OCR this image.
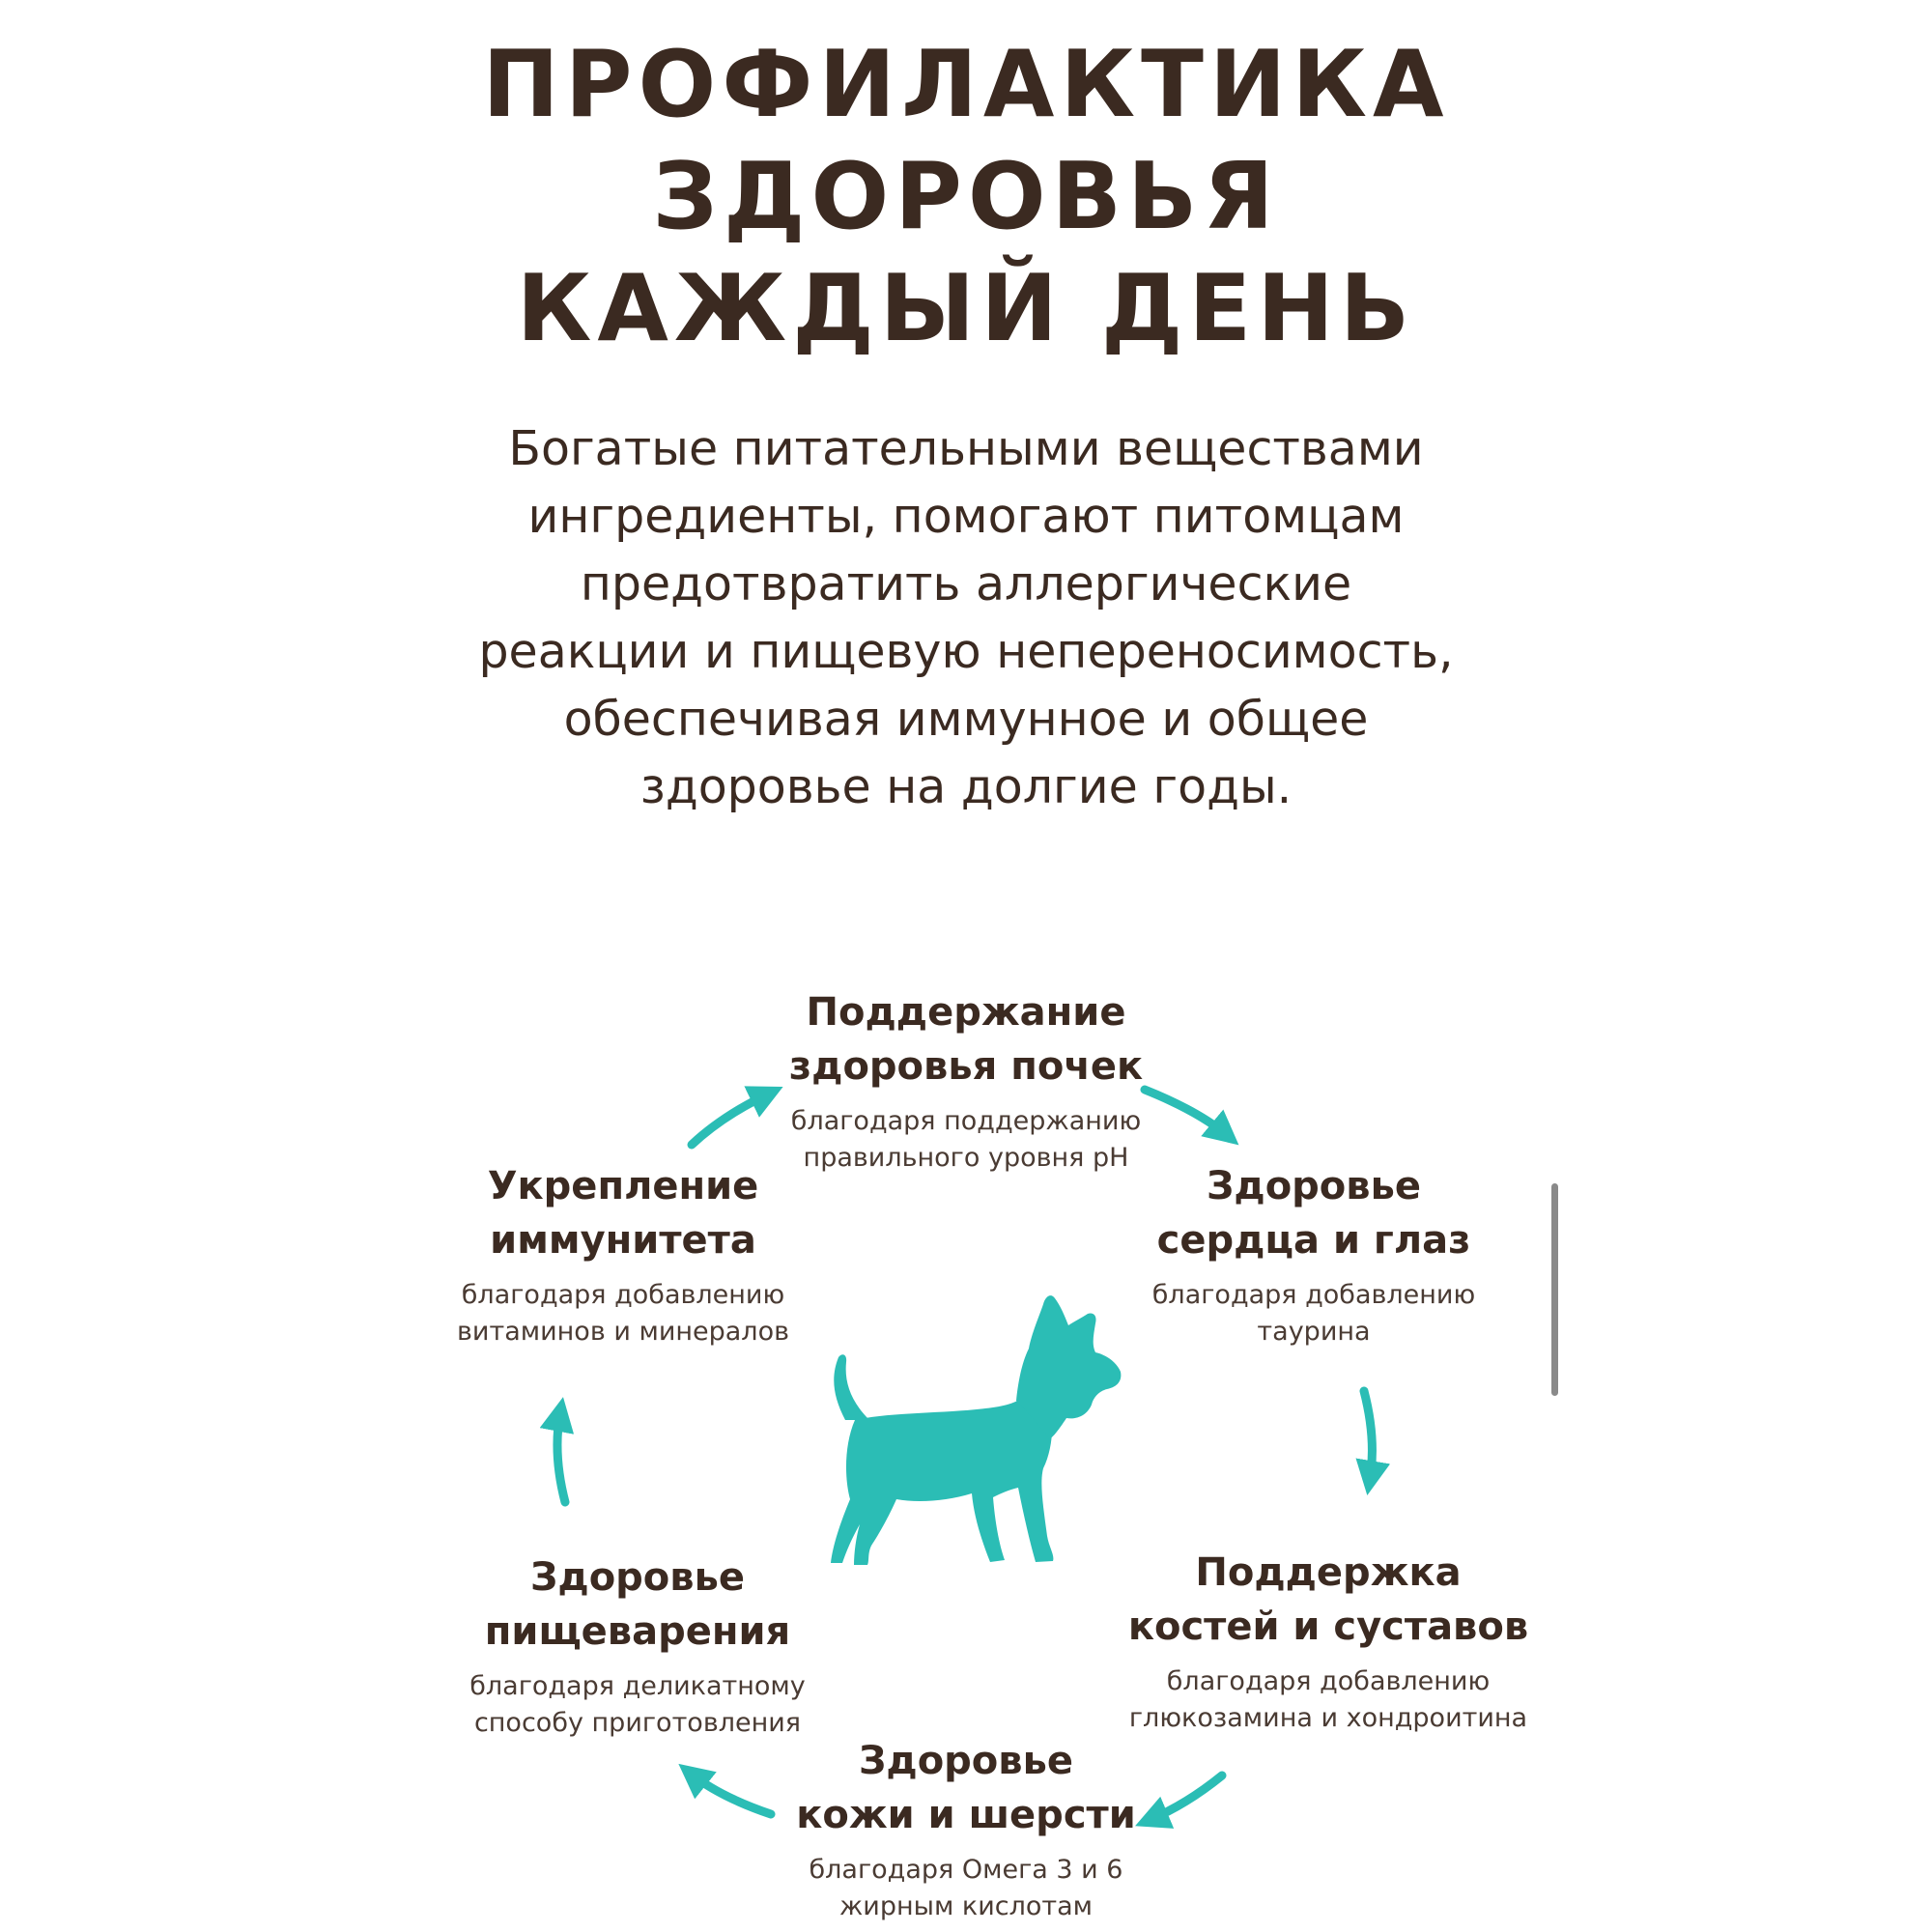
ПРОФИЛАКТИКА
ЗДОРОВЬЯ
КАЖДЫЙ ДЕНЬ

Богатые питательными веществами
ингредиенты, помогают питомцам
предотвратить аллергические
реакции и пищевую непереносимость,
обеспечивая иммунное и общее
здоровье на долгие годы.

Поддержание
здоровья почек
благодаря поддержанию
правильного уровня pH
Здоровье
сердца и глаз
благодаря добавлению
таурина
Укрепление
иммунитета
благодаря добавлению
витаминов и минералов
Поддержка
костей и суставов
благодаря добавлению
глюкозамина и хондроитина
Здоровье
пищеварения
благодаря деликатному
способу приготовления
Здоровье
кожи и шерсти
благодаря Омега 3 и 6
жирным кислотам
